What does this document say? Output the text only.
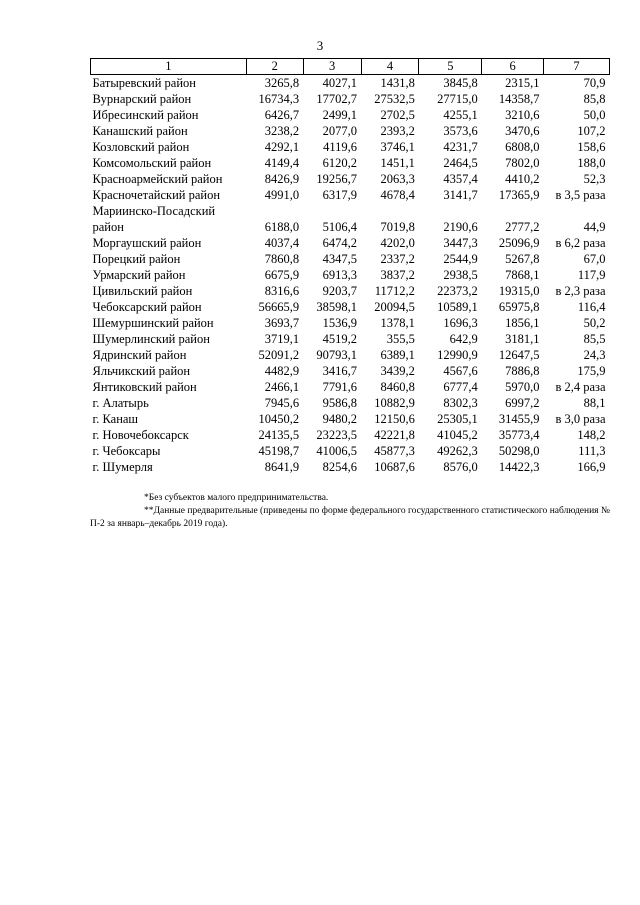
3
1	2	3	4	5	6	7
Батыревский район	3265,8	4027,1	1431,8	3845,8	2315,1	70,9
Вурнарский район	16734,3	17702,7	27532,5	27715,0	14358,7	85,8
Ибресинский район	6426,7	2499,1	2702,5	4255,1	3210,6	50,0
Канашский район	3238,2	2077,0	2393,2	3573,6	3470,6	107,2
Козловский район	4292,1	4119,6	3746,1	4231,7	6808,0	158,6
Комсомольский район	4149,4	6120,2	1451,1	2464,5	7802,0	188,0
Красноармейский район	8426,9	19256,7	2063,3	4357,4	4410,2	52,3
Красночетайский район	4991,0	6317,9	4678,4	3141,7	17365,9	в 3,5 раза
Мариинско-Посадский район	6188,0	5106,4	7019,8	2190,6	2777,2	44,9
Моргаушский район	4037,4	6474,2	4202,0	3447,3	25096,9	в 6,2 раза
Порецкий район	7860,8	4347,5	2337,2	2544,9	5267,8	67,0
Урмарский район	6675,9	6913,3	3837,2	2938,5	7868,1	117,9
Цивильский район	8316,6	9203,7	11712,2	22373,2	19315,0	в 2,3 раза
Чебоксарский район	56665,9	38598,1	20094,5	10589,1	65975,8	116,4
Шемуршинский район	3693,7	1536,9	1378,1	1696,3	1856,1	50,2
Шумерлинский район	3719,1	4519,2	355,5	642,9	3181,1	85,5
Ядринский район	52091,2	90793,1	6389,1	12990,9	12647,5	24,3
Яльчикский район	4482,9	3416,7	3439,2	4567,6	7886,8	175,9
Янтиковский район	2466,1	7791,6	8460,8	6777,4	5970,0	в 2,4 раза
г. Алатырь	7945,6	9586,8	10882,9	8302,3	6997,2	88,1
г. Канаш	10450,2	9480,2	12150,6	25305,1	31455,9	в 3,0 раза
г. Новочебоксарск	24135,5	23223,5	42221,8	41045,2	35773,4	148,2
г. Чебоксары	45198,7	41006,5	45877,3	49262,3	50298,0	111,3
г. Шумерля	8641,9	8254,6	10687,6	8576,0	14422,3	166,9

*Без субъектов малого предпринимательства.

**Данные предварительные (приведены по форме федерального государственного статистического наблюдения № П-2 за январь–декабрь 2019 года).
